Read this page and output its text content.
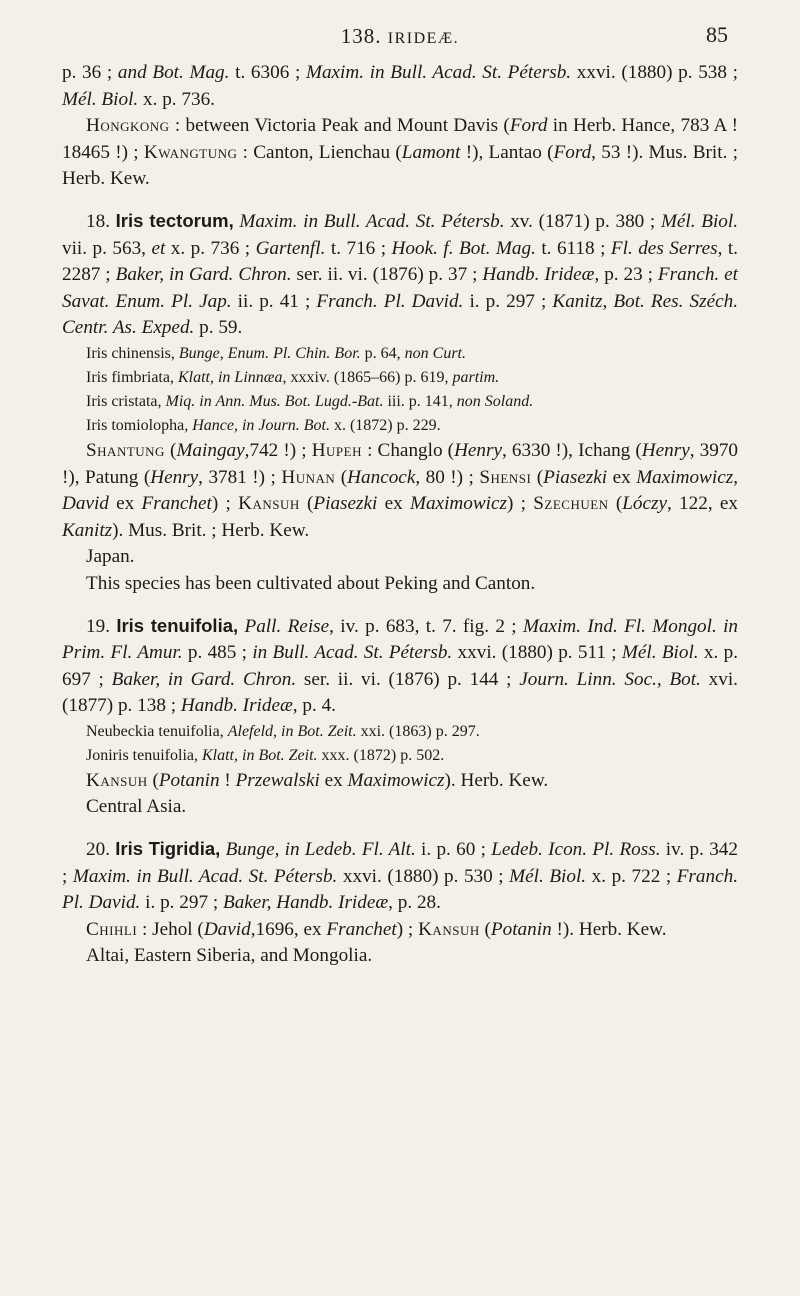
138. IRIDEÆ.	85

p. 36 ; and Bot. Mag. t. 6306 ; Maxim. in Bull. Acad. St. Pétersb. xxvi. (1880) p. 538 ; Mél. Biol. x. p. 736.

Hongkong : between Victoria Peak and Mount Davis (Ford in Herb. Hance, 783 A ! 18465 !) ; Kwangtung : Canton, Lienchau (Lamont !), Lantao (Ford, 53 !). Mus. Brit. ; Herb. Kew.

18. Iris tectorum, Maxim. in Bull. Acad. St. Pétersb. xv. (1871) p. 380 ; Mél. Biol. vii. p. 563, et x. p. 736 ; Gartenfl. t. 716 ; Hook. f. Bot. Mag. t. 6118 ; Fl. des Serres, t. 2287 ; Baker, in Gard. Chron. ser. ii. vi. (1876) p. 37 ; Handb. Irideæ, p. 23 ; Franch. et Savat. Enum. Pl. Jap. ii. p. 41 ; Franch. Pl. David. i. p. 297 ; Kanitz, Bot. Res. Széch. Centr. As. Exped. p. 59.

Iris chinensis, Bunge, Enum. Pl. Chin. Bor. p. 64, non Curt.

Iris fimbriata, Klatt, in Linnæa, xxxiv. (1865–66) p. 619, partim.

Iris cristata, Miq. in Ann. Mus. Bot. Lugd.-Bat. iii. p. 141, non Soland.

Iris tomiolopha, Hance, in Journ. Bot. x. (1872) p. 229.

Shantung (Maingay,742 !) ; Hupeh : Changlo (Henry, 6330 !), Ichang (Henry, 3970 !), Patung (Henry, 3781 !) ; Hunan (Hancock, 80 !) ; Shensi (Piasezki ex Maximowicz, David ex Franchet) ; Kansuh (Piasezki ex Maximowicz) ; Szechuen (Lóczy, 122, ex Kanitz). Mus. Brit. ; Herb. Kew.

Japan.

This species has been cultivated about Peking and Canton.

19. Iris tenuifolia, Pall. Reise, iv. p. 683, t. 7. fig. 2 ; Maxim. Ind. Fl. Mongol. in Prim. Fl. Amur. p. 485 ; in Bull. Acad. St. Pétersb. xxvi. (1880) p. 511 ; Mél. Biol. x. p. 697 ; Baker, in Gard. Chron. ser. ii. vi. (1876) p. 144 ; Journ. Linn. Soc., Bot. xvi. (1877) p. 138 ; Handb. Irideæ, p. 4.

Neubeckia tenuifolia, Alefeld, in Bot. Zeit. xxi. (1863) p. 297.

Joniris tenuifolia, Klatt, in Bot. Zeit. xxx. (1872) p. 502.

Kansuh (Potanin ! Przewalski ex Maximowicz). Herb. Kew.

Central Asia.

20. Iris Tigridia, Bunge, in Ledeb. Fl. Alt. i. p. 60 ; Ledeb. Icon. Pl. Ross. iv. p. 342 ; Maxim. in Bull. Acad. St. Pétersb. xxvi. (1880) p. 530 ; Mél. Biol. x. p. 722 ; Franch. Pl. David. i. p. 297 ; Baker, Handb. Irideæ, p. 28.

Chihli : Jehol (David,1696, ex Franchet) ; Kansuh (Potanin !). Herb. Kew.

Altai, Eastern Siberia, and Mongolia.
